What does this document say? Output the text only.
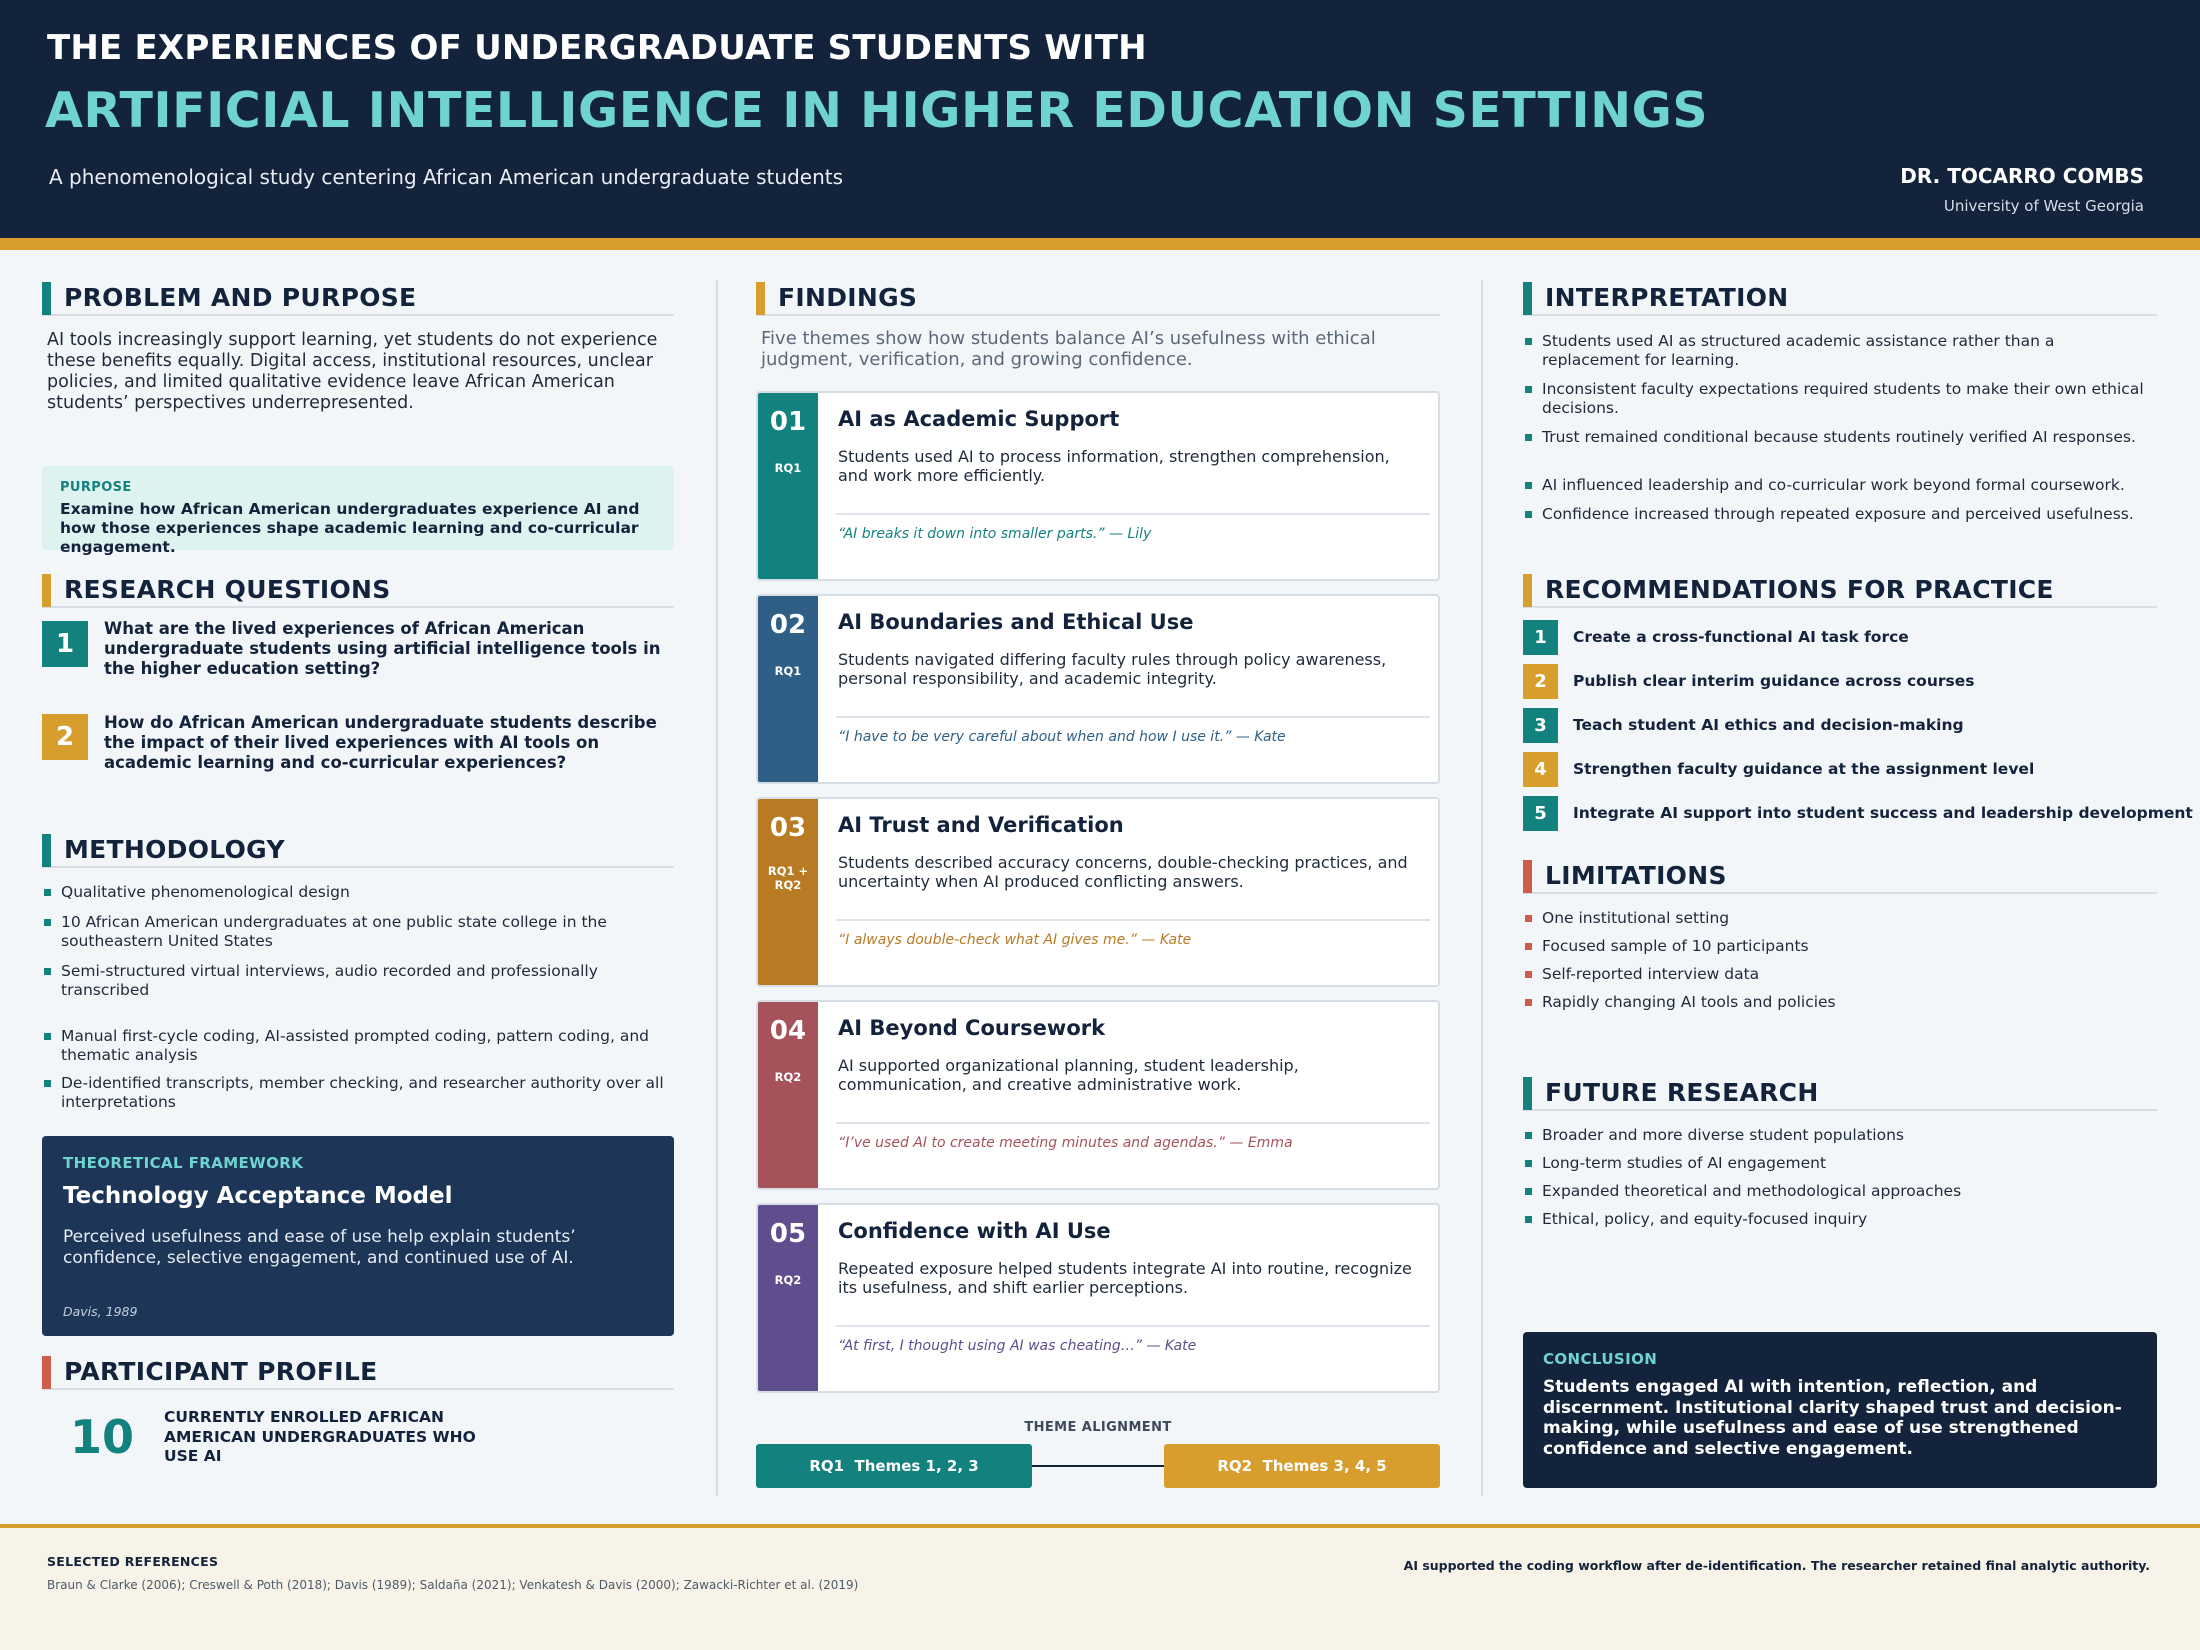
THE EXPERIENCES OF UNDERGRADUATE STUDENTS WITH
ARTIFICIAL INTELLIGENCE IN HIGHER EDUCATION SETTINGS
A phenomenological study centering African American undergraduate students	DR. TOCARRO COMBS
University of West Georgia
PROBLEM AND PURPOSE
AI tools increasingly support learning, yet students do not experience these benefits equally. Digital access, institutional resources, unclear policies, and limited qualitative evidence leave African American students’ perspectives underrepresented.
PURPOSE
Examine how African American undergraduates experience AI and how those experiences shape academic learning and co-curricular engagement.
RESEARCH QUESTIONS
1
What are the lived experiences of African American undergraduate students using artificial intelligence tools in the higher education setting?
2	How do African American undergraduate students describe the impact of their lived experiences with AI tools on academic learning and co-curricular experiences?
METHODOLOGY
Qualitative phenomenological design
10 African American undergraduates at one public state college in the southeastern United States
Semi-structured virtual interviews, audio recorded and professionally transcribed
Manual first-cycle coding, AI-assisted prompted coding, pattern coding, and thematic analysis
De-identified transcripts, member checking, and researcher authority over all interpretations
THEORETICAL FRAMEWORK
Technology Acceptance Model
Perceived usefulness and ease of use help explain students’ confidence, selective engagement, and continued use of AI.
Davis, 1989
PARTICIPANT PROFILE
10 CURRENTLY ENROLLED AFRICAN AMERICAN UNDERGRADUATES WHO USE AI
FINDINGS
Five themes show how students balance AI’s usefulness with ethical judgment, verification, and growing confidence.
01
RQ1
AI as Academic Support
Students used AI to process information, strengthen comprehension, and work more efficiently.
“AI breaks it down into smaller parts.” — Lily
02
RQ1
AI Boundaries and Ethical Use
Students navigated differing faculty rules through policy awareness, personal responsibility, and academic integrity.
“I have to be very careful about when and how I use it.” — Kate
03
RQ1 + RQ2
AI Trust and Verification
Students described accuracy concerns, double-checking practices, and uncertainty when AI produced conflicting answers.
“I always double-check what AI gives me.” — Kate
04
RQ2
AI Beyond Coursework
AI supported organizational planning, student leadership, communication, and creative administrative work.
“I’ve used AI to create meeting minutes and agendas.” — Emma
05
RQ2
Confidence with AI Use
Repeated exposure helped students integrate AI into routine, recognize its usefulness, and shift earlier perceptions.
“At first, I thought using AI was cheating…” — Kate
THEME ALIGNMENT
RQ1  Themes 1, 2, 3	RQ2  Themes 3, 4, 5
INTERPRETATION
Students used AI as structured academic assistance rather than a replacement for learning.
Inconsistent faculty expectations required students to make their own ethical decisions.
Trust remained conditional because students routinely verified AI responses.
AI influenced leadership and co-curricular work beyond formal coursework.
Confidence increased through repeated exposure and perceived usefulness.
RECOMMENDATIONS FOR PRACTICE
1	Create a cross-functional AI task force
2	Publish clear interim guidance across courses
3	Teach student AI ethics and decision-making
4	Strengthen faculty guidance at the assignment level
5	Integrate AI support into student success and leadership development
LIMITATIONS
One institutional setting
Focused sample of 10 participants
Self-reported interview data
Rapidly changing AI tools and policies
FUTURE RESEARCH
Broader and more diverse student populations
Long-term studies of AI engagement
Expanded theoretical and methodological approaches
Ethical, policy, and equity-focused inquiry
CONCLUSION
Students engaged AI with intention, reflection, and discernment. Institutional clarity shaped trust and decision-making, while usefulness and ease of use strengthened confidence and selective engagement.
SELECTED REFERENCES
Braun & Clarke (2006); Creswell & Poth (2018); Davis (1989); Saldaña (2021); Venkatesh & Davis (2000); Zawacki-Richter et al. (2019)
AI supported the coding workflow after de-identification. The researcher retained final analytic authority.
